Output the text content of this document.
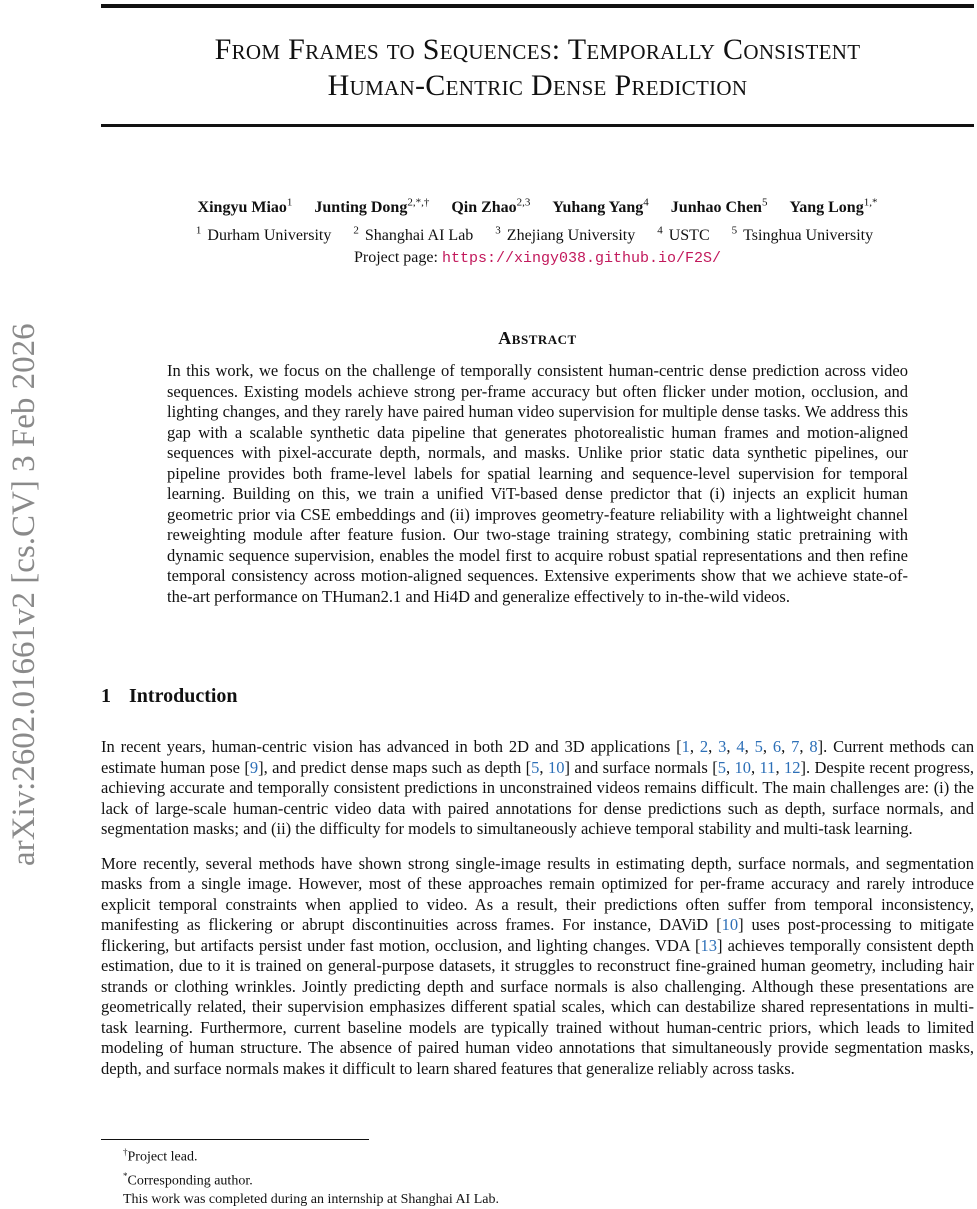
arXiv:2602.01661v2 [cs.CV] 3 Feb 2026
From Frames to Sequences: Temporally Consistent
Human-Centric Dense Prediction
Xingyu Miao$^1$ Junting Dong$^{2,*,\dagger}$ Qin Zhao$^{2,3}$ Yuhang Yang$^4$ Junhao Chen$^5$ Yang Long$^{1,*}$
$^1$ Durham University $^2$ Shanghai AI Lab $^3$ Zhejiang University $^4$ USTC $^5$ Tsinghua University
Project page: https://xingy038.github.io/F2S/
Abstract
In this work, we focus on the challenge of temporally consistent human-centric dense prediction across video sequences. Existing models achieve strong per-frame accuracy but often flicker under motion, occlusion, and lighting changes, and they rarely have paired human video supervision for multiple dense tasks. We address this gap with a scalable synthetic data pipeline that generates photorealistic human frames and motion-aligned sequences with pixel-accurate depth, normals, and masks. Unlike prior static data synthetic pipelines, our pipeline provides both frame-level labels for spatial learning and sequence-level supervision for temporal learning. Building on this, we train a unified ViT-based dense predictor that (i) injects an explicit human geometric prior via CSE embeddings and (ii) improves geometry-feature reliability with a lightweight channel reweighting module after feature fusion. Our two-stage training strategy, combining static pretraining with dynamic sequence supervision, enables the model first to acquire robust spatial representations and then refine temporal consistency across motion-aligned sequences. Extensive experiments show that we achieve state-of-the-art performance on THuman2.1 and Hi4D and generalize effectively to in-the-wild videos.
1 Introduction

In recent years, human-centric vision has advanced in both 2D and 3D applications [1, 2, 3, 4, 5, 6, 7, 8]. Current methods can estimate human pose [9], and predict dense maps such as depth [5, 10] and surface normals [5, 10, 11, 12]. Despite recent progress, achieving accurate and temporally consistent predictions in unconstrained videos remains difficult. The main challenges are: (i) the lack of large-scale human-centric video data with paired annotations for dense predictions such as depth, surface normals, and segmentation masks; and (ii) the difficulty for models to simultaneously achieve temporal stability and multi-task learning.

More recently, several methods have shown strong single-image results in estimating depth, surface normals, and segmentation masks from a single image. However, most of these approaches remain optimized for per-frame accuracy and rarely introduce explicit temporal constraints when applied to video. As a result, their predictions often suffer from temporal inconsistency, manifesting as flickering or abrupt discontinuities across frames. For instance, DAViD [10] uses post-processing to mitigate flickering, but artifacts persist under fast motion, occlusion, and lighting changes. VDA [13] achieves temporally consistent depth estimation, due to it is trained on general-purpose datasets, it struggles to reconstruct fine-grained human geometry, including hair strands or clothing wrinkles. Jointly predicting depth and surface normals is also challenging. Although these presentations are geometrically related, their supervision emphasizes different spatial scales, which can destabilize shared representations in multi-task learning. Furthermore, current baseline models are typically trained without human-centric priors, which leads to limited modeling of human structure. The absence of paired human video annotations that simultaneously provide segmentation masks, depth, and surface normals makes it difficult to learn shared features that generalize reliably across tasks.

†Project lead.
*Corresponding author.
This work was completed during an internship at Shanghai AI Lab.
